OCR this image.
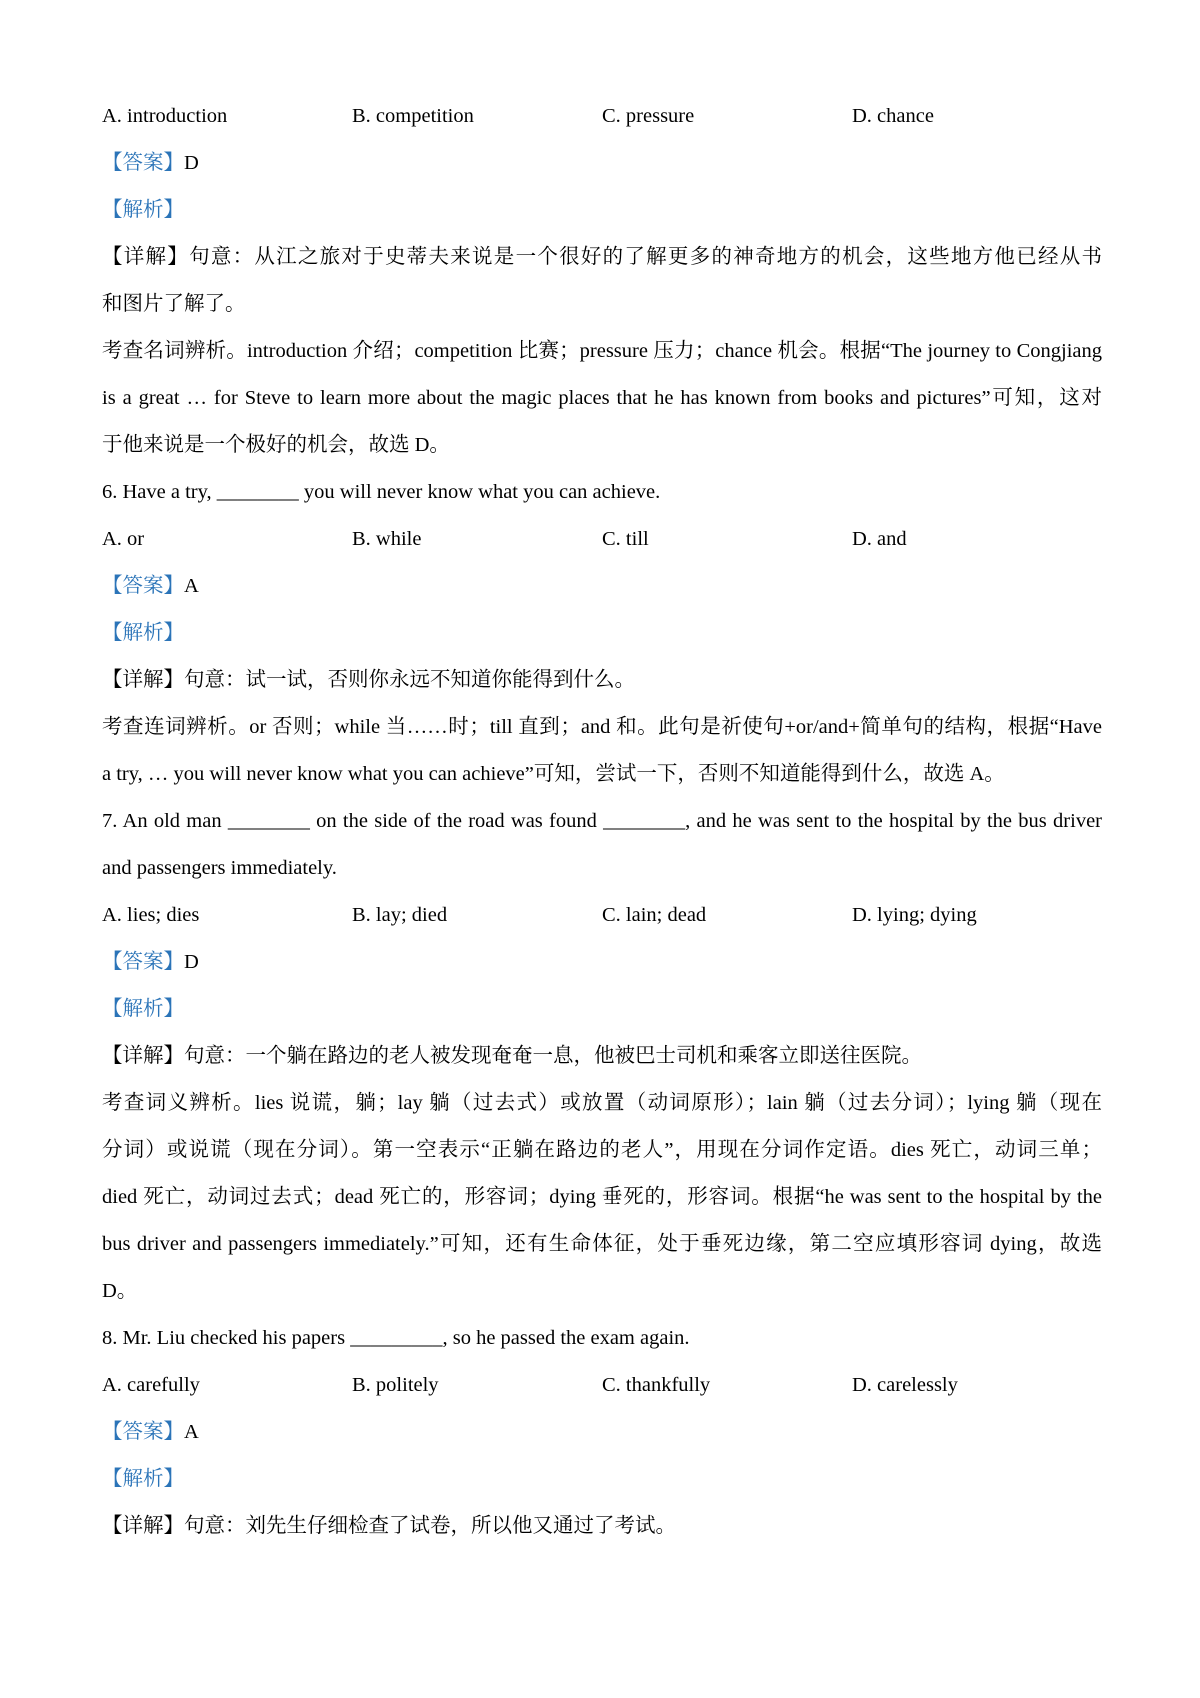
A. introduction	B. competition	C. pressure	D. chance
【答案】D
【解析】
【详解】句意：从江之旅对于史蒂夫来说是一个很好的了解更多的神奇地方的机会，这些地方他已经从书
和图片了解了。
考查名词辨析。introduction 介绍；competition 比赛；pressure 压力；chance 机会。根据“The journey to Congjiang
is a great … for Steve to learn more about the magic places that he has known from books and pictures”可知，这对
于他来说是一个极好的机会，故选 D。
6. Have a try, ________ you will never know what you can achieve.
A. or	B. while	C. till	D. and
【答案】A
【解析】
【详解】句意：试一试，否则你永远不知道你能得到什么。
考查连词辨析。or 否则；while 当……时；till 直到；and 和。此句是祈使句+or/and+简单句的结构，根据“Have
a try, … you will never know what you can achieve”可知，尝试一下，否则不知道能得到什么，故选 A。
7. An old man ________ on the side of the road was found ________, and he was sent to the hospital by the bus driver
and passengers immediately.
A. lies; dies	B. lay; died	C. lain; dead	D. lying; dying
【答案】D
【解析】
【详解】句意：一个躺在路边的老人被发现奄奄一息，他被巴士司机和乘客立即送往医院。
考查词义辨析。lies 说谎，躺；lay 躺（过去式）或放置（动词原形）；lain 躺（过去分词）；lying 躺（现在
分词）或说谎（现在分词）。第一空表示“正躺在路边的老人”，用现在分词作定语。dies 死亡，动词三单；
died 死亡，动词过去式；dead 死亡的，形容词；dying 垂死的，形容词。根据“he was sent to the hospital by the
bus driver and passengers immediately.”可知，还有生命体征，处于垂死边缘，第二空应填形容词 dying，故选
D。
8. Mr. Liu checked his papers _________, so he passed the exam again.
A. carefully	B. politely	C. thankfully	D. carelessly
【答案】A
【解析】
【详解】句意：刘先生仔细检查了试卷，所以他又通过了考试。
